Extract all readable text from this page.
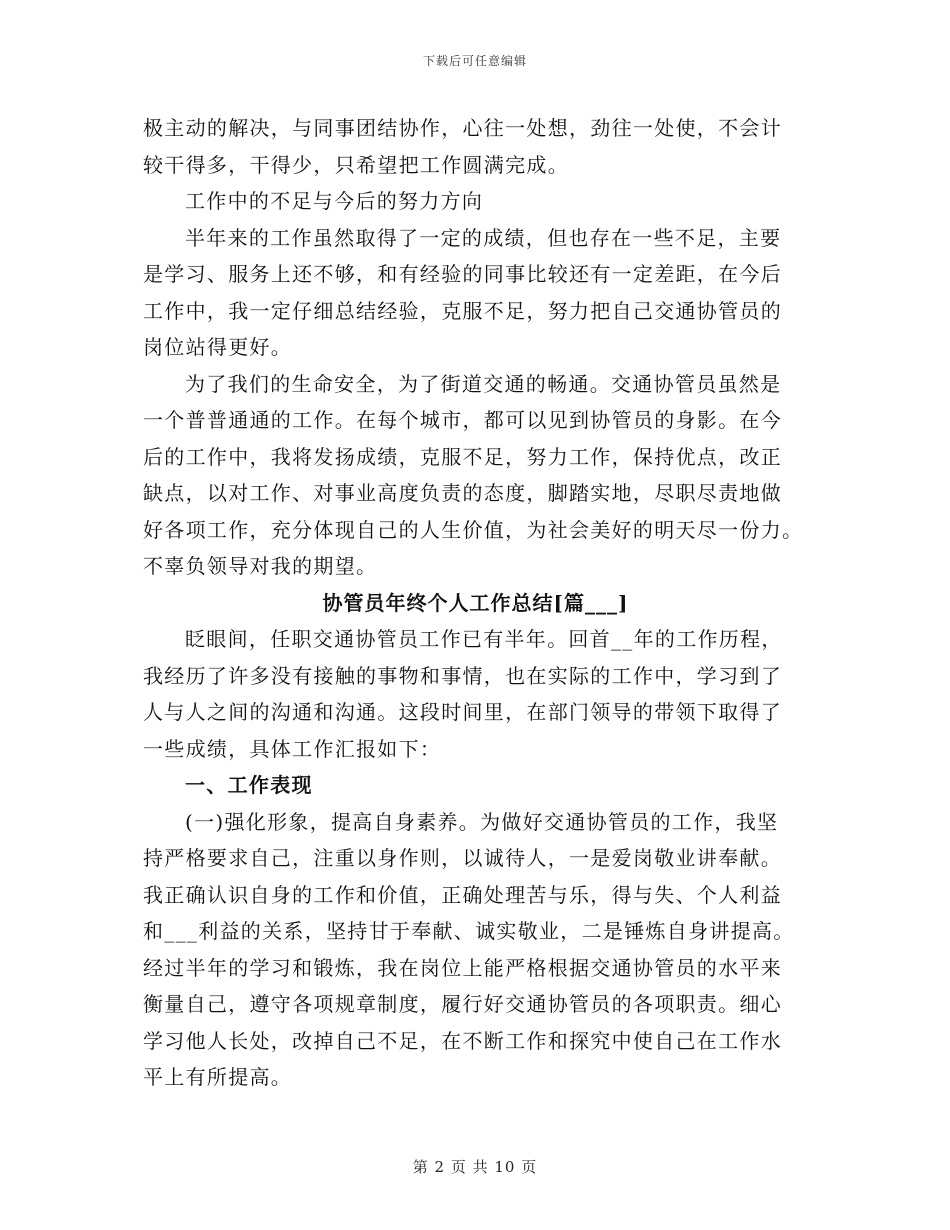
下载后可任意编辑
极主动的解决，与同事团结协作，心往一处想，劲往一处使，不会计
较干得多，干得少，只希望把工作圆满完成。
工作中的不足与今后的努力方向
半年来的工作虽然取得了一定的成绩，但也存在一些不足，主要
是学习、服务上还不够，和有经验的同事比较还有一定差距，在今后
工作中，我一定仔细总结经验，克服不足，努力把自己交通协管员的
岗位站得更好。
为了我们的生命安全，为了街道交通的畅通。交通协管员虽然是
一个普普通通的工作。在每个城市，都可以见到协管员的身影。在今
后的工作中，我将发扬成绩，克服不足，努力工作，保持优点，改正
缺点，以对工作、对事业高度负责的态度，脚踏实地，尽职尽责地做
好各项工作，充分体现自己的人生价值，为社会美好的明天尽一份力。
不辜负领导对我的期望。
协管员年终个人工作总结[篇___]
眨眼间，任职交通协管员工作已有半年。回首__年的工作历程，
我经历了许多没有接触的事物和事情，也在实际的工作中，学习到了
人与人之间的沟通和沟通。这段时间里，在部门领导的带领下取得了
一些成绩，具体工作汇报如下：
一、工作表现
(一)强化形象，提高自身素养。为做好交通协管员的工作，我坚
持严格要求自己，注重以身作则，以诚待人，一是爱岗敬业讲奉献。
我正确认识自身的工作和价值，正确处理苦与乐，得与失、个人利益
和___利益的关系，坚持甘于奉献、诚实敬业，二是锤炼自身讲提高。
经过半年的学习和锻炼，我在岗位上能严格根据交通协管员的水平来
衡量自己，遵守各项规章制度，履行好交通协管员的各项职责。细心
学习他人长处，改掉自己不足，在不断工作和探究中使自己在工作水
平上有所提高。
第 2 页 共 10 页
